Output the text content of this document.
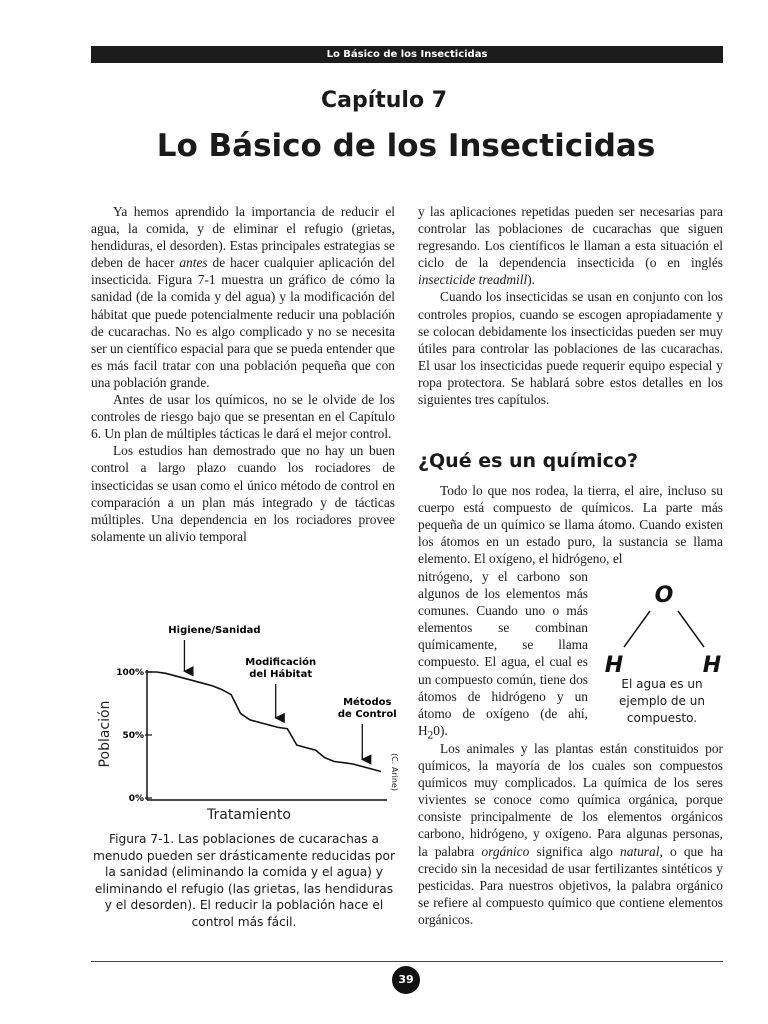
Lo Básico de los Insecticidas
Capítulo 7
Lo Básico de los Insecticidas

Ya hemos aprendido la importancia de reducir el agua, la comida, y de eliminar el refugio (grietas, hendiduras, el desorden). Estas principales estrategias se deben de hacer antes de hacer cualquier aplicación del insecticida. Figura 7-1 muestra un gráfico de cómo la sanidad (de la comida y del agua) y la modificación del hábitat que puede potencialmente reducir una población de cucarachas. No es algo complicado y no se necesita ser un científico espacial para que se pueda entender que es más facil tratar con una población pequeña que con una población grande.

Antes de usar los químicos, no se le olvide de los controles de riesgo bajo que se presentan en el Capítulo 6. Un plan de múltiples tácticas le dará el mejor control.

Los estudios han demostrado que no hay un buen control a largo plazo cuando los rociadores de insecticidas se usan como el único método de control en comparación a un plan más integrado y de tácticas múltiples. Una dependencia en los rociadores provee solamente un alivio temporal

100%
50%
0%
Higiene/Sanidad
Modificación
del Hábitat
Métodos
de Control
Población
Tratamiento
(C. Arine)
Figura 7-1. Las poblaciones de cucarachas a menudo pueden ser drásticamente reducidas por la sanidad (eliminando la comida y el agua) y eliminando el refugio (las grietas, las hendiduras y el desorden). El reducir la población hace el control más fácil.

y las aplicaciones repetidas pueden ser necesarias para controlar las poblaciones de cucarachas que siguen regresando. Los científicos le llaman a esta situación el ciclo de la dependencia insecticida (o en inglés insecticide treadmill).

Cuando los insecticidas se usan en conjunto con los controles propios, cuando se escogen apropiadamente y se colocan debidamente los insecticidas pueden ser muy útiles para controlar las poblaciones de las cucarachas. El usar los insecticidas puede requerir equipo especial y ropa protectora. Se hablará sobre estos detalles en los siguientes tres capítulos.

¿Qué es un químico?

Todo lo que nos rodea, la tierra, el aire, incluso su cuerpo está compuesto de químicos. La parte más pequeña de un químico se llama átomo. Cuando existen los átomos en un estado puro, la sustancia se llama elemento. El oxígeno, el hidrógeno, el

nitrógeno, y el carbono son algunos de los elementos más comunes. Cuando uno o más elementos se combinan químicamente, se llama compuesto. El agua, el cual es un compuesto común, tiene dos átomos de hidrógeno y un átomo de oxígeno (de ahí, $H_20$).

O
H	H
El agua es un ejemplo de un compuesto.

Los animales y las plantas están constituidos por químicos, la mayoría de los cuales son compuestos químicos muy complicados. La química de los seres vivientes se conoce como química orgánica, porque consiste principalmente de los elementos orgánicos carbono, hidrógeno, y oxígeno. Para algunas personas, la palabra orgánico significa algo natural, o que ha crecido sin la necesidad de usar fertilizantes sintéticos y pesticidas. Para nuestros objetivos, la palabra orgánico se refiere al compuesto químico que contiene elementos orgánicos.

39
